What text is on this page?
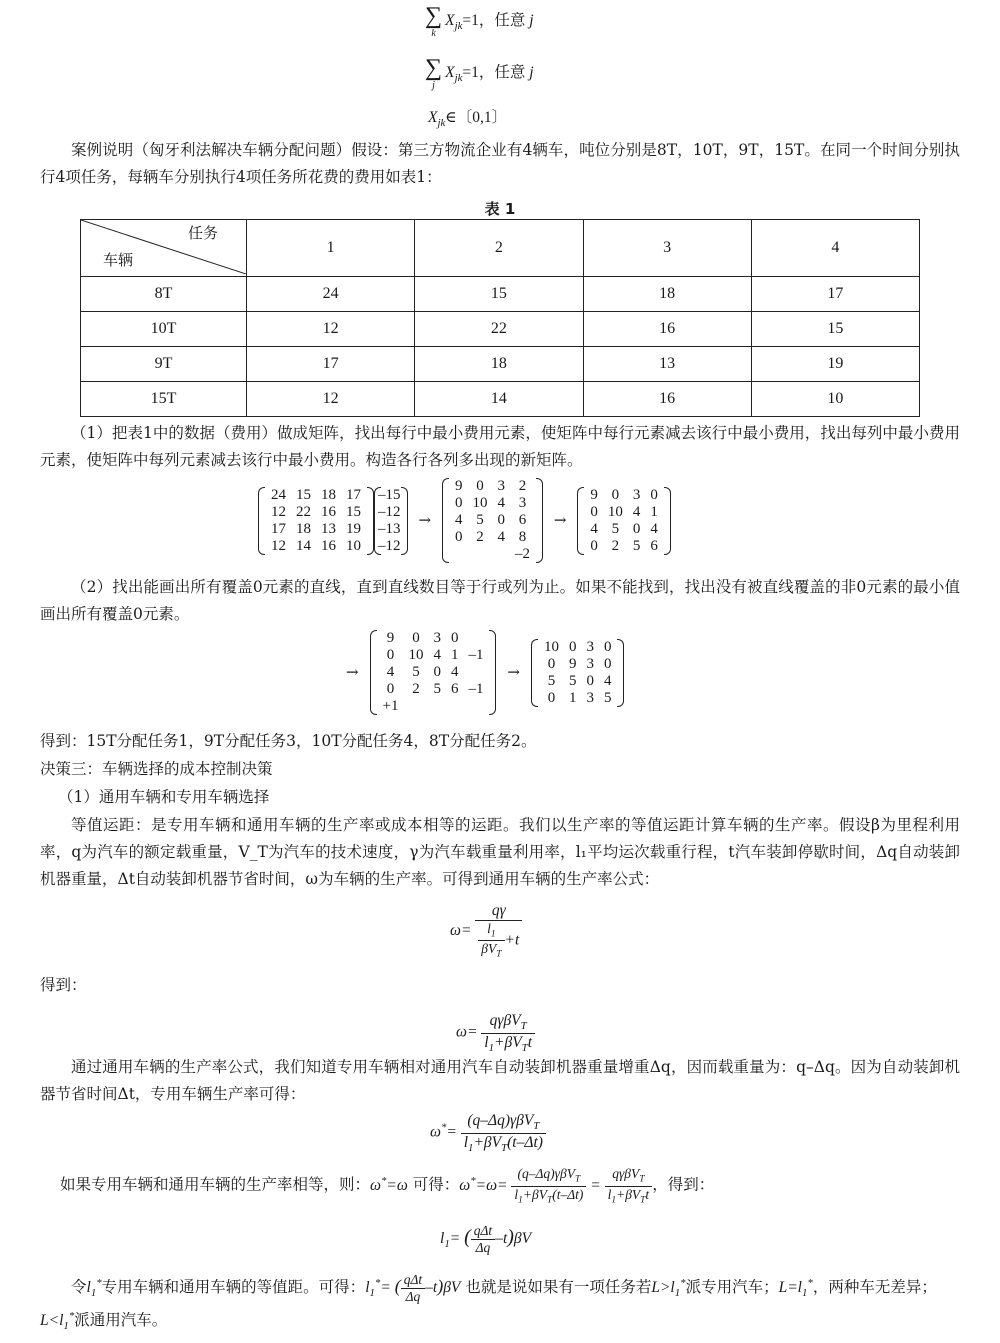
∑
k
$X_{jk}=1$，任意 j
∑
j
$X_{jk}=1$，任意 j
$X_{jk}\in$〔0,1〕

案例说明（匈牙利法解决车辆分配问题）假设：第三方物流企业有4辆车，吨位分别是8T，10T，9T，15T。在同一个时间分别执行4项任务，每辆车分别执行4项任务所花费的费用如表1：

表 1
任务
车辆	1	2	3	4
8T	24	15	18	17
10T	12	22	16	15
9T	17	18	13	19
15T	12	14	16	10

（1）把表1中的数据（费用）做成矩阵，找出每行中最小费用元素，使矩阵中每行元素减去该行中最小费用，找出每列中最小费用元素，使矩阵中每列元素减去该行中最小费用。构造各行各列多出现的新矩阵。

24	15	18	17
12	22	16	15
17	18	13	19
12	14	16	10
–15
–12
–13
–12
→
9	0	3	2
0	10	4	3
4	5	0	6
0	2	4	8
			–2
→
9	0	3	0
0	10	4	1
4	5	0	4
0	2	5	6

（2）找出能画出所有覆盖0元素的直线，直到直线数目等于行或列为止。如果不能找到，找出没有被直线覆盖的非0元素的最小值画出所有覆盖0元素。

→
9	0	3	0	
0	10	4	1	–1
4	5	0	4	
0	2	5	6	–1
+1				
→
10	0	3	0
0	9	3	0
5	5	0	4
0	1	3	5

得到：15T分配任务1，9T分配任务3，10T分配任务4，8T分配任务2。

决策三：车辆选择的成本控制决策

（1）通用车辆和专用车辆选择

等值运距：是专用车辆和通用车辆的生产率或成本相等的运距。我们以生产率的等值运距计算车辆的生产率。假设β为里程利用率，q为汽车的额定载重量，V_T为汽车的技术速度，γ为汽车载重量利用率，l₁平均运次载重行程，t汽车装卸停歇时间，Δq自动装卸机器重量，Δt自动装卸机器节省时间，ω为车辆的生产率。可得到通用车辆的生产率公式：

$\omega= \frac{q\gamma}{\frac{l_1}{\beta V_T} +t}$

得到：

$\omega= \frac{q\gamma\beta V_T}{l_1+\beta V_Tt}$

通过通用车辆的生产率公式，我们知道专用车辆相对通用汽车自动装卸机器重量增重Δq，因而载重量为：q–Δq。因为自动装卸机器节省时间Δt，专用车辆生产率可得：

$\omega^*= \frac{(q-\Delta q)\gamma\beta V_T}{l_1+\beta V_T(t-\Delta t)}$
如果专用车辆和通用车辆的生产率相等，则：ω*=ω 可得：$\omega^*=\omega= \frac{(q-\Delta q)\gamma\beta V_T}{l_1+\beta V_T(t-\Delta t)} = \frac{q\gamma\beta V_T}{l_1+\beta V_Tt}$ ，得到：
$l_1=$ ( $\frac{\text{qΔt}}{\Delta q} -t)\beta V$
令$l_1^*$专用车辆和通用车辆的等值距。可得：$l_1^*=$ ( $\frac{\text{qΔt}}{\Delta q} -t)\beta V$ 也就是说如果有一项任务若$L>l_1^*$派专用汽车；$L=l_1^*$，两种车无差异；$L<l_1^*$派通用汽车。
